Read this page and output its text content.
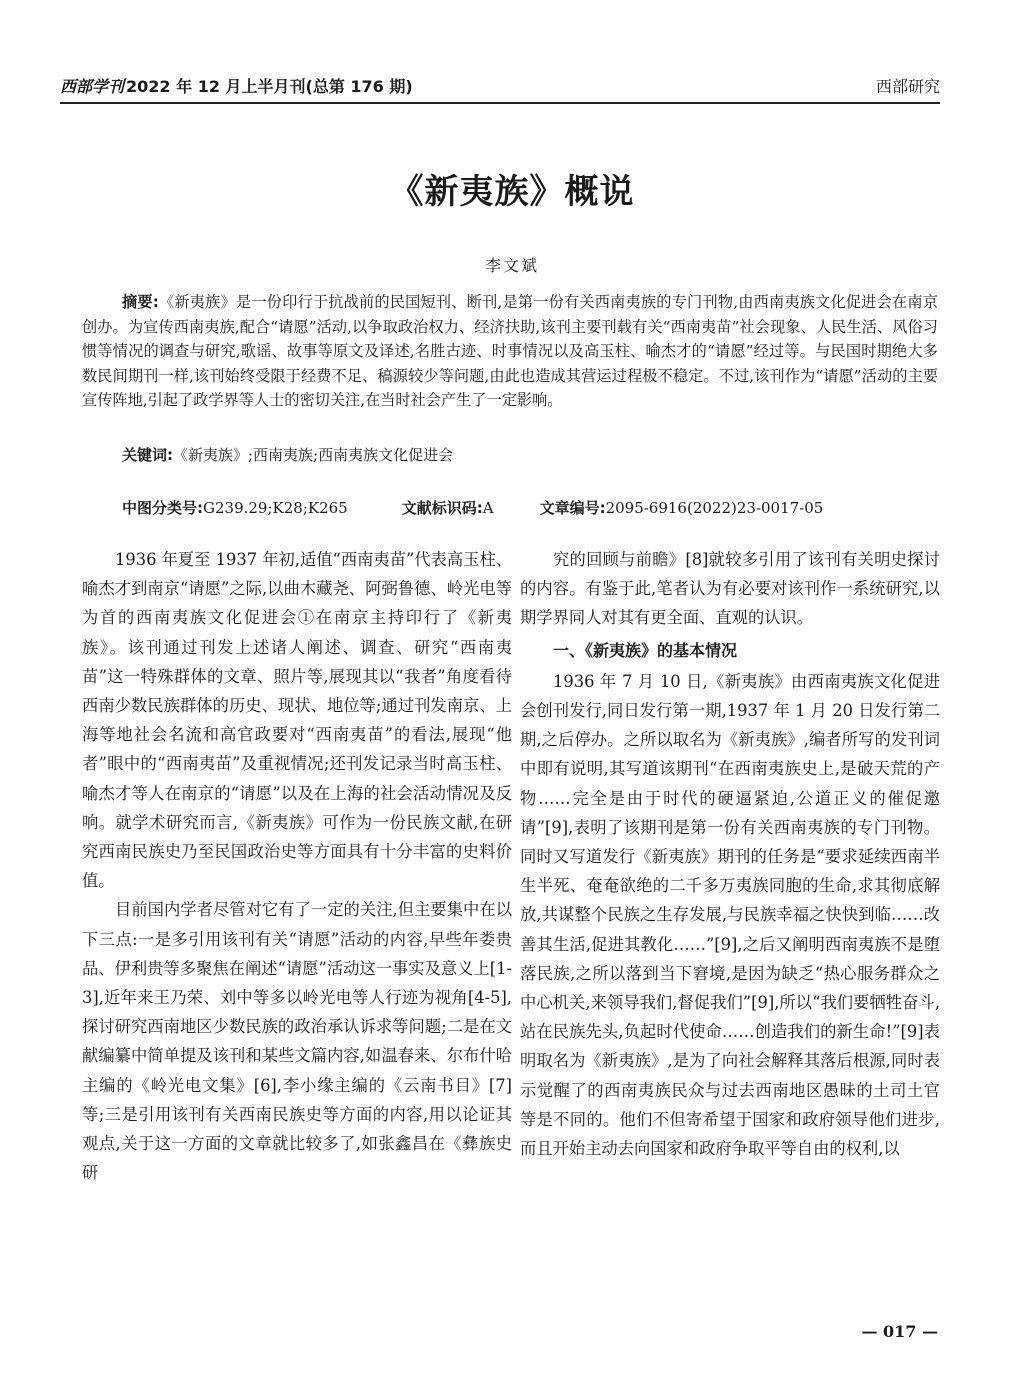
西部学刊 2022 年 12 月上半月刊(总第 176 期)	西部研究
《新夷族》概说
李文斌
摘要:《新夷族》是一份印行于抗战前的民国短刊、断刊,是第一份有关西南夷族的专门刊物,由西南夷族文化促进会在南京创办。为宣传西南夷族,配合“请愿”活动,以争取政治权力、经济扶助,该刊主要刊载有关“西南夷苗”社会现象、人民生活、风俗习惯等情况的调查与研究,歌谣、故事等原文及译述,名胜古迹、时事情况以及高玉柱、喻杰才的“请愿”经过等。与民国时期绝大多数民间期刊一样,该刊始终受限于经费不足、稿源较少等问题,由此也造成其营运过程极不稳定。不过,该刊作为“请愿”活动的主要宣传阵地,引起了政学界等人士的密切关注,在当时社会产生了一定影响。
关键词:《新夷族》;西南夷族;西南夷族文化促进会
中图分类号:G239.29;K28;K265	文献标识码:A	文章编号:2095-6916(2022)23-0017-05

1936 年夏至 1937 年初,适值“西南夷苗”代表高玉柱、喻杰才到南京“请愿”之际,以曲木藏尧、阿弼鲁德、岭光电等为首的西南夷族文化促进会①在南京主持印行了《新夷族》。该刊通过刊发上述诸人阐述、调查、研究“西南夷苗”这一特殊群体的文章、照片等,展现其以“我者”角度看待西南少数民族群体的历史、现状、地位等;通过刊发南京、上海等地社会名流和高官政要对“西南夷苗”的看法,展现“他者”眼中的“西南夷苗”及重视情况;还刊发记录当时高玉柱、喻杰才等人在南京的“请愿”以及在上海的社会活动情况及反响。就学术研究而言,《新夷族》可作为一份民族文献,在研究西南民族史乃至民国政治史等方面具有十分丰富的史料价值。

目前国内学者尽管对它有了一定的关注,但主要集中在以下三点:一是多引用该刊有关“请愿”活动的内容,早些年娄贵品、伊利贵等多聚焦在阐述“请愿”活动这一事实及意义上[1-3],近年来王乃荣、刘中等多以岭光电等人行迹为视角[4-5],探讨研究西南地区少数民族的政治承认诉求等问题;二是在文献编纂中简单提及该刊和某些文篇内容,如温春来、尔布什哈主编的《岭光电文集》[6],李小缘主编的《云南书目》[7]等;三是引用该刊有关西南民族史等方面的内容,用以论证其观点,关于这一方面的文章就比较多了,如张鑫昌在《彝族史研

究的回顾与前瞻》[8]就较多引用了该刊有关明史探讨的内容。有鉴于此,笔者认为有必要对该刊作一系统研究,以期学界同人对其有更全面、直观的认识。

一、《新夷族》的基本情况

1936 年 7 月 10 日,《新夷族》由西南夷族文化促进会创刊发行,同日发行第一期,1937 年 1 月 20 日发行第二期,之后停办。之所以取名为《新夷族》,编者所写的发刊词中即有说明,其写道该期刊“在西南夷族史上,是破天荒的产物……完全是由于时代的硬逼紧迫,公道正义的催促邀请”[9],表明了该期刊是第一份有关西南夷族的专门刊物。同时又写道发行《新夷族》期刊的任务是“要求延续西南半生半死、奄奄欲绝的二千多万夷族同胞的生命,求其彻底解放,共谋整个民族之生存发展,与民族幸福之快快到临……改善其生活,促进其教化……”[9],之后又阐明西南夷族不是堕落民族,之所以落到当下窘境,是因为缺乏“热心服务群众之中心机关,来领导我们,督促我们”[9],所以“我们要牺牲奋斗,站在民族先头,负起时代使命……创造我们的新生命!”[9]表明取名为《新夷族》,是为了向社会解释其落后根源,同时表示觉醒了的西南夷族民众与过去西南地区愚昧的土司土官等是不同的。他们不但寄希望于国家和政府领导他们进步,而且开始主动去向国家和政府争取平等自由的权利,以

— 017 —
